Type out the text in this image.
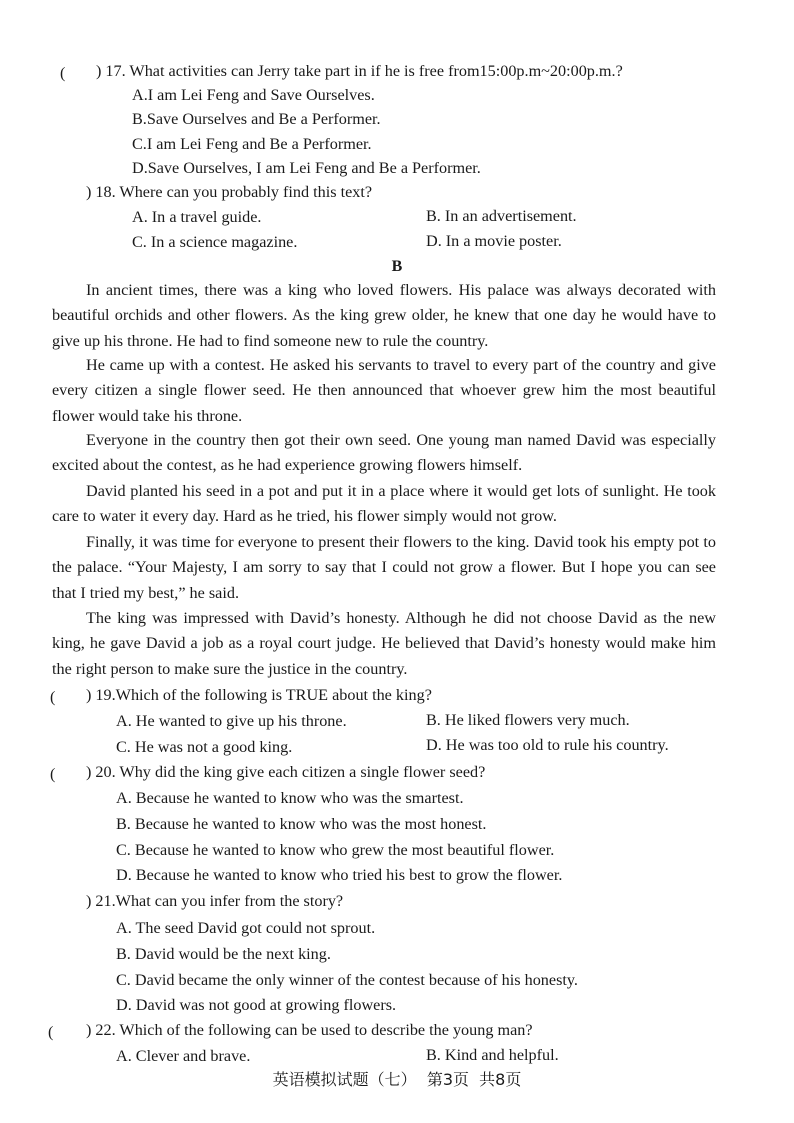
( ) 17. What activities can Jerry take part in if he is free from15:00p.m~20:00p.m.?
A.I am Lei Feng and Save Ourselves.
B.Save Ourselves and Be a Performer.
C.I am Lei Feng and Be a Performer.
D.Save Ourselves, I am Lei Feng and Be a Performer.
) 18. Where can you probably find this text?
A. In a travel guide.	B. In an advertisement.
C. In a science magazine.	D. In a movie poster.
B
In ancient times, there was a king who loved flowers. His palace was always decorated with beautiful orchids and other flowers. As the king grew older, he knew that one day he would have to give up his throne. He had to find someone new to rule the country.
He came up with a contest. He asked his servants to travel to every part of the country and give every citizen a single flower seed. He then announced that whoever grew him the most beautiful flower would take his throne.
Everyone in the country then got their own seed. One young man named David was especially excited about the contest, as he had experience growing flowers himself.
David planted his seed in a pot and put it in a place where it would get lots of sunlight. He took care to water it every day. Hard as he tried, his flower simply would not grow.
Finally, it was time for everyone to present their flowers to the king. David took his empty pot to the palace. “Your Majesty, I am sorry to say that I could not grow a flower. But I hope you can see that I tried my best,” he said.
The king was impressed with David’s honesty. Although he did not choose David as the new king, he gave David a job as a royal court judge. He believed that David’s honesty would make him the right person to make sure the justice in the country.
( ) 19.Which of the following is TRUE about the king?
A. He wanted to give up his throne.	B. He liked flowers very much.
C. He was not a good king.	D. He was too old to rule his country.
( ) 20. Why did the king give each citizen a single flower seed?
A. Because he wanted to know who was the smartest.
B. Because he wanted to know who was the most honest.
C. Because he wanted to know who grew the most beautiful flower.
D. Because he wanted to know who tried his best to grow the flower.
) 21.What can you infer from the story?
A. The seed David got could not sprout.
B. David would be the next king.
C. David became the only winner of the contest because of his honesty.
D. David was not good at growing flowers.
( ) 22. Which of the following can be used to describe the young man?
A. Clever and brave.	B. Kind and helpful.
英语模拟试题（七）  第3页  共8页
